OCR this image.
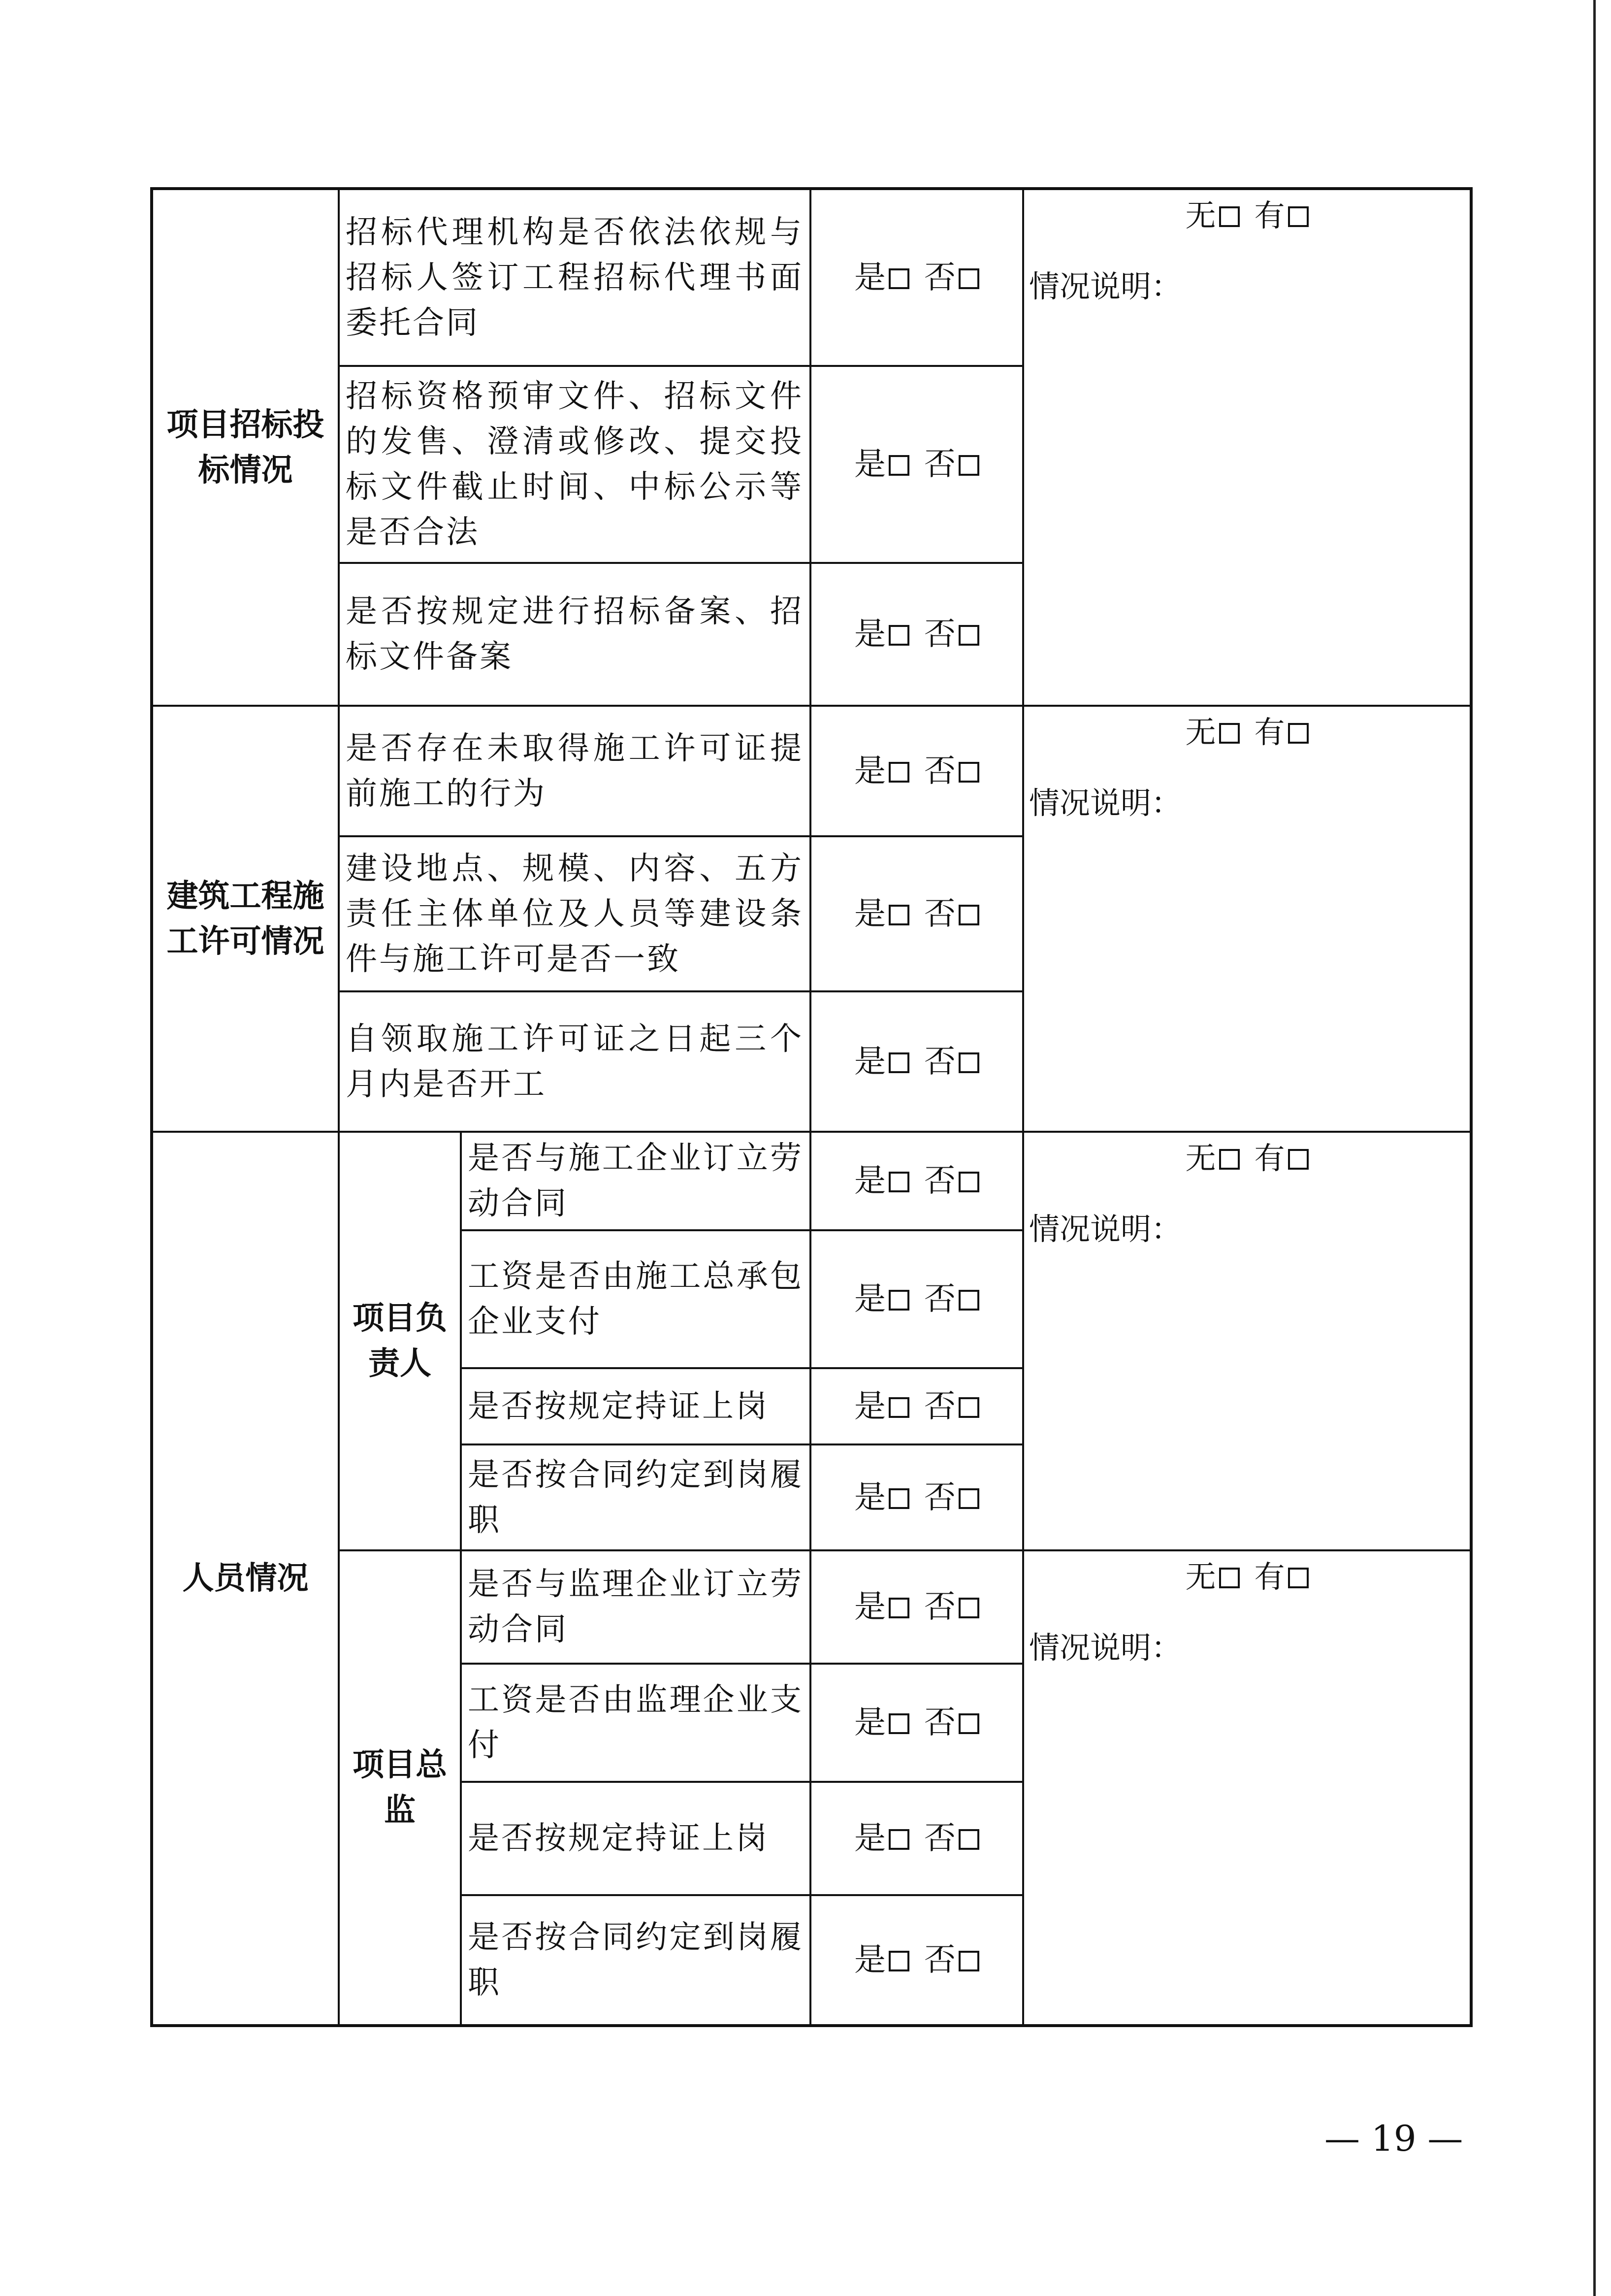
项目招标投标情况	招标代理机构是否依法依规与招标人签订工程招标代理书面委托合同		是 否	无 有
情况说明：

	招标资格预审文件、招标文件的发售、澄清或修改、提交投标文件截止时间、中标公示等是否合法		是 否	
	是否按规定进行招标备案、招标文件备案		是 否	
建筑工程施工许可情况	是否存在未取得施工许可证提前施工的行为		是 否	无 有
情况说明：

	建设地点、规模、内容、五方责任主体单位及人员等建设条件与施工许可是否一致		是 否	
	自领取施工许可证之日起三个月内是否开工		是 否	
人员情况	项目负责人	是否与施工企业订立劳动合同	是 否	无 有
情况说明：

		工资是否由施工总承包企业支付	是 否	
		是否按规定持证上岗	是 否	
		是否按合同约定到岗履职	是 否	
	项目总监	是否与监理企业订立劳动合同	是 否	无 有
情况说明：

		工资是否由监理企业支付	是 否	
		是否按规定持证上岗	是 否	
		是否按合同约定到岗履职	是 否	
— 19 —
